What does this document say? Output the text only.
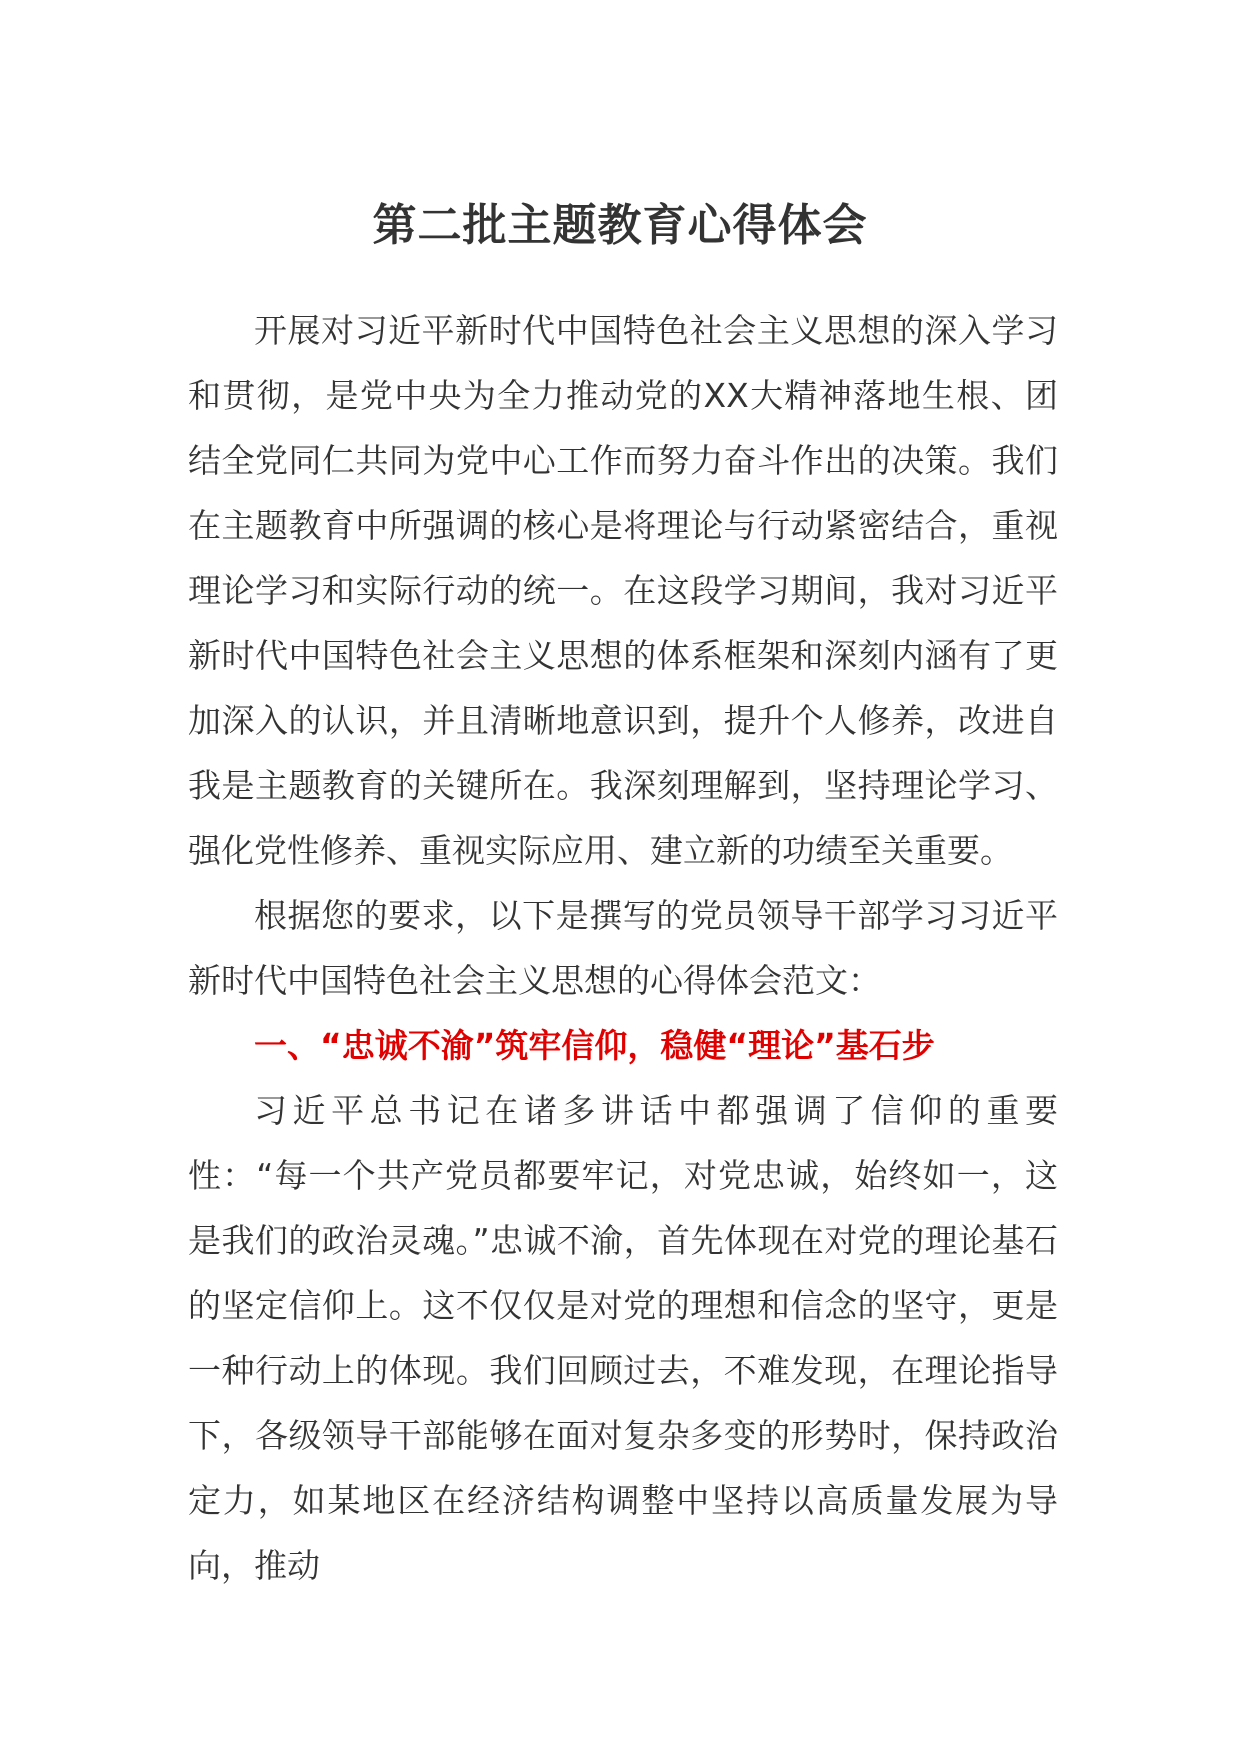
第二批主题教育心得体会

开展对习近平新时代中国特色社会主义思想的深入学习和贯彻，是党中央为全力推动党的XX大精神落地生根、团结全党同仁共同为党中心工作而努力奋斗作出的决策。我们在主题教育中所强调的核心是将理论与行动紧密结合，重视理论学习和实际行动的统一。在这段学习期间，我对习近平新时代中国特色社会主义思想的体系框架和深刻内涵有了更加深入的认识，并且清晰地意识到，提升个人修养，改进自我是主题教育的关键所在。我深刻理解到，坚持理论学习、强化党性修养、重视实际应用、建立新的功绩至关重要。

根据您的要求，以下是撰写的党员领导干部学习习近平新时代中国特色社会主义思想的心得体会范文：

一、“忠诚不渝”筑牢信仰，稳健“理论”基石步

习近平总书记在诸多讲话中都强调了信仰的重要性：“每一个共产党员都要牢记，对党忠诚，始终如一，这是我们的政治灵魂。”忠诚不渝，首先体现在对党的理论基石的坚定信仰上。这不仅仅是对党的理想和信念的坚守，更是一种行动上的体现。我们回顾过去，不难发现，在理论指导下，各级领导干部能够在面对复杂多变的形势时，保持政治定力，如某地区在经济结构调整中坚持以高质量发展为导向，推动
